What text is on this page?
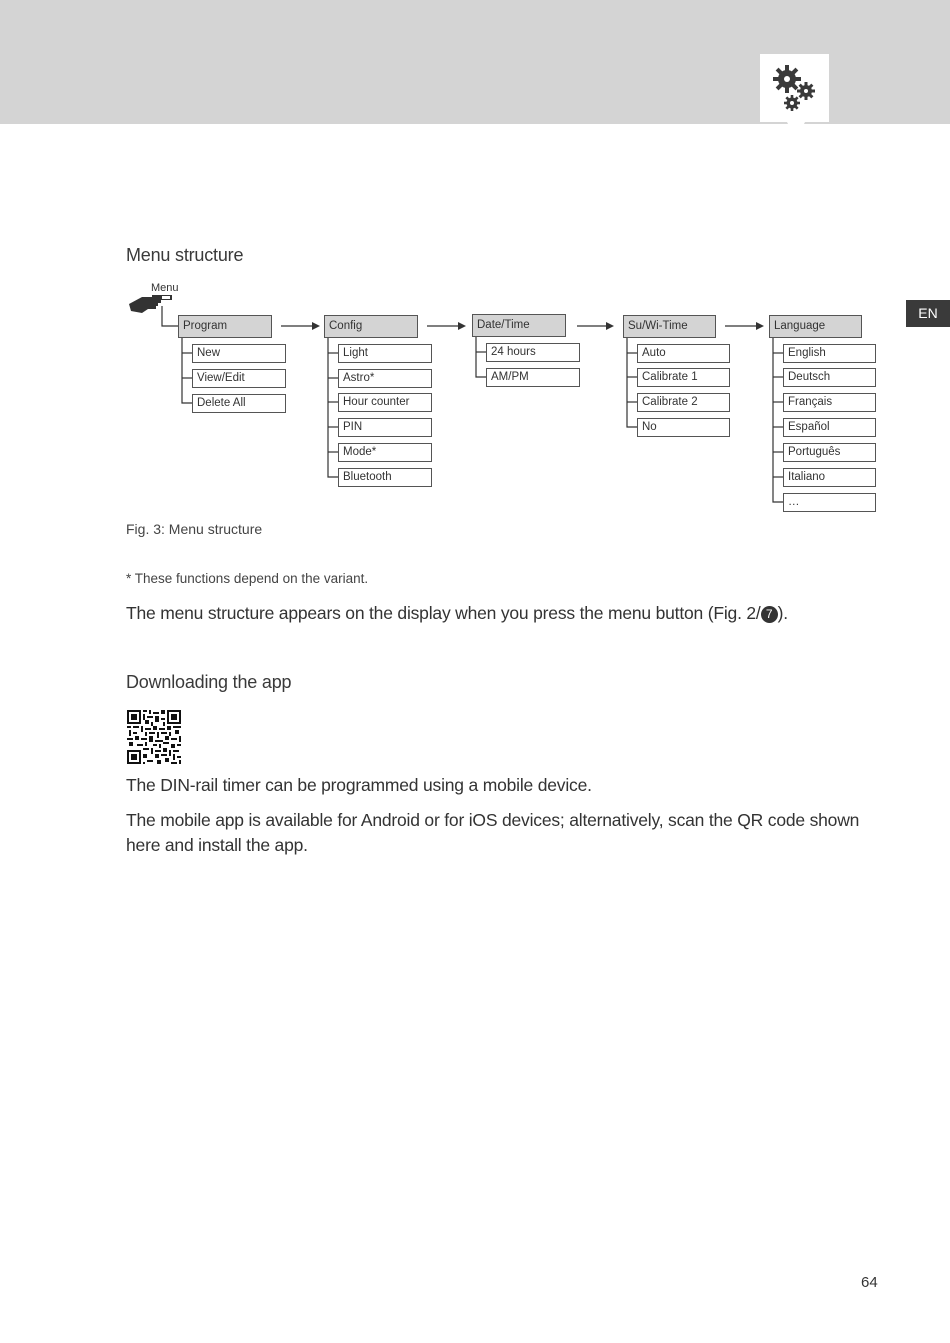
EN
Menu structure
Menu
Program	Config	Date/Time	Su/Wi-Time	Language
New
View/Edit
Delete All
Light
Astro*
Hour counter
PIN
Mode*
Bluetooth
24 hours
AM/PM
Auto
Calibrate 1
Calibrate 2
No
English
Deutsch
Français
Español
Português
Italiano
…
Fig. 3: Menu structure
* These functions depend on the variant.
The menu structure appears on the display when you press the menu button (Fig. 2/ 7 ).
Downloading the app
The DIN-rail timer can be programmed using a mobile device.
The mobile app is available for Android or for iOS devices; alternatively, scan the QR code shown here and install the app.
64
